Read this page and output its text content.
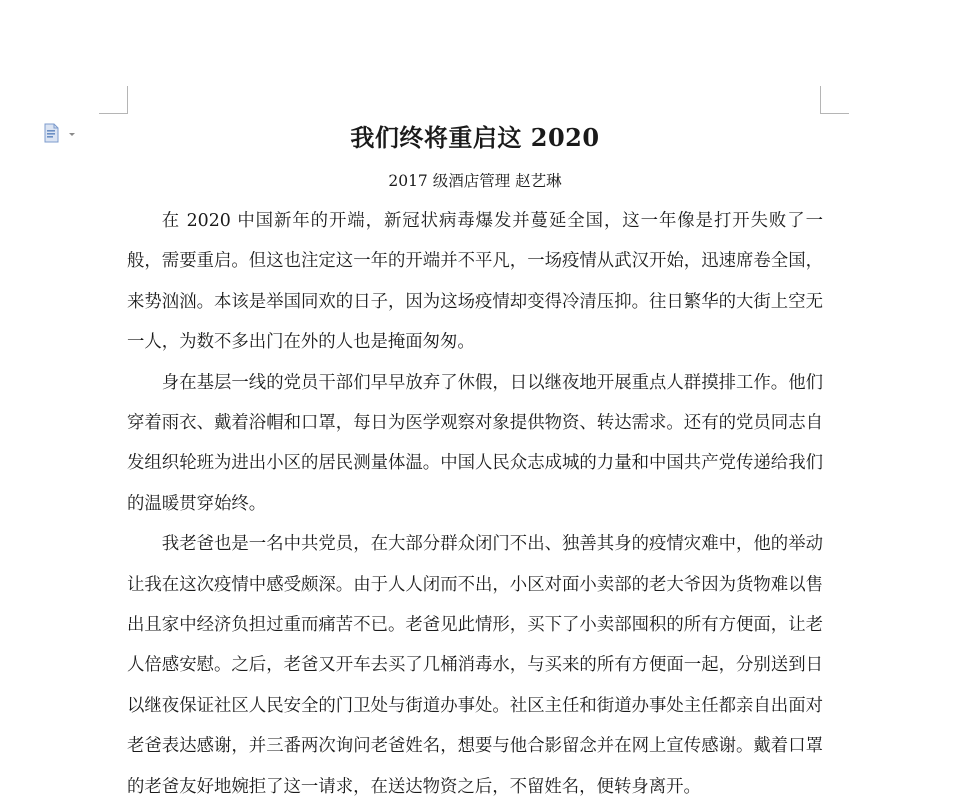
我们终将重启这 2020

2017 级酒店管理 赵艺琳

在 2020 中国新年的开端，新冠状病毒爆发并蔓延全国，这一年像是打开失败了一般，需要重启。但这也注定这一年的开端并不平凡，一场疫情从武汉开始，迅速席卷全国，来势汹汹。本该是举国同欢的日子，因为这场疫情却变得冷清压抑。往日繁华的大街上空无一人，为数不多出门在外的人也是掩面匆匆。

身在基层一线的党员干部们早早放弃了休假，日以继夜地开展重点人群摸排工作。他们穿着雨衣、戴着浴帽和口罩，每日为医学观察对象提供物资、转达需求。还有的党员同志自发组织轮班为进出小区的居民测量体温。中国人民众志成城的力量和中国共产党传递给我们的温暖贯穿始终。

我老爸也是一名中共党员，在大部分群众闭门不出、独善其身的疫情灾难中，他的举动让我在这次疫情中感受颇深。由于人人闭而不出，小区对面小卖部的老大爷因为货物难以售出且家中经济负担过重而痛苦不已。老爸见此情形，买下了小卖部囤积的所有方便面，让老人倍感安慰。之后，老爸又开车去买了几桶消毒水，与买来的所有方便面一起，分别送到日以继夜保证社区人民安全的门卫处与街道办事处。社区主任和街道办事处主任都亲自出面对老爸表达感谢，并三番两次询问老爸姓名，想要与他合影留念并在网上宣传感谢。戴着口罩的老爸友好地婉拒了这一请求，在送达物资之后，不留姓名，便转身离开。
